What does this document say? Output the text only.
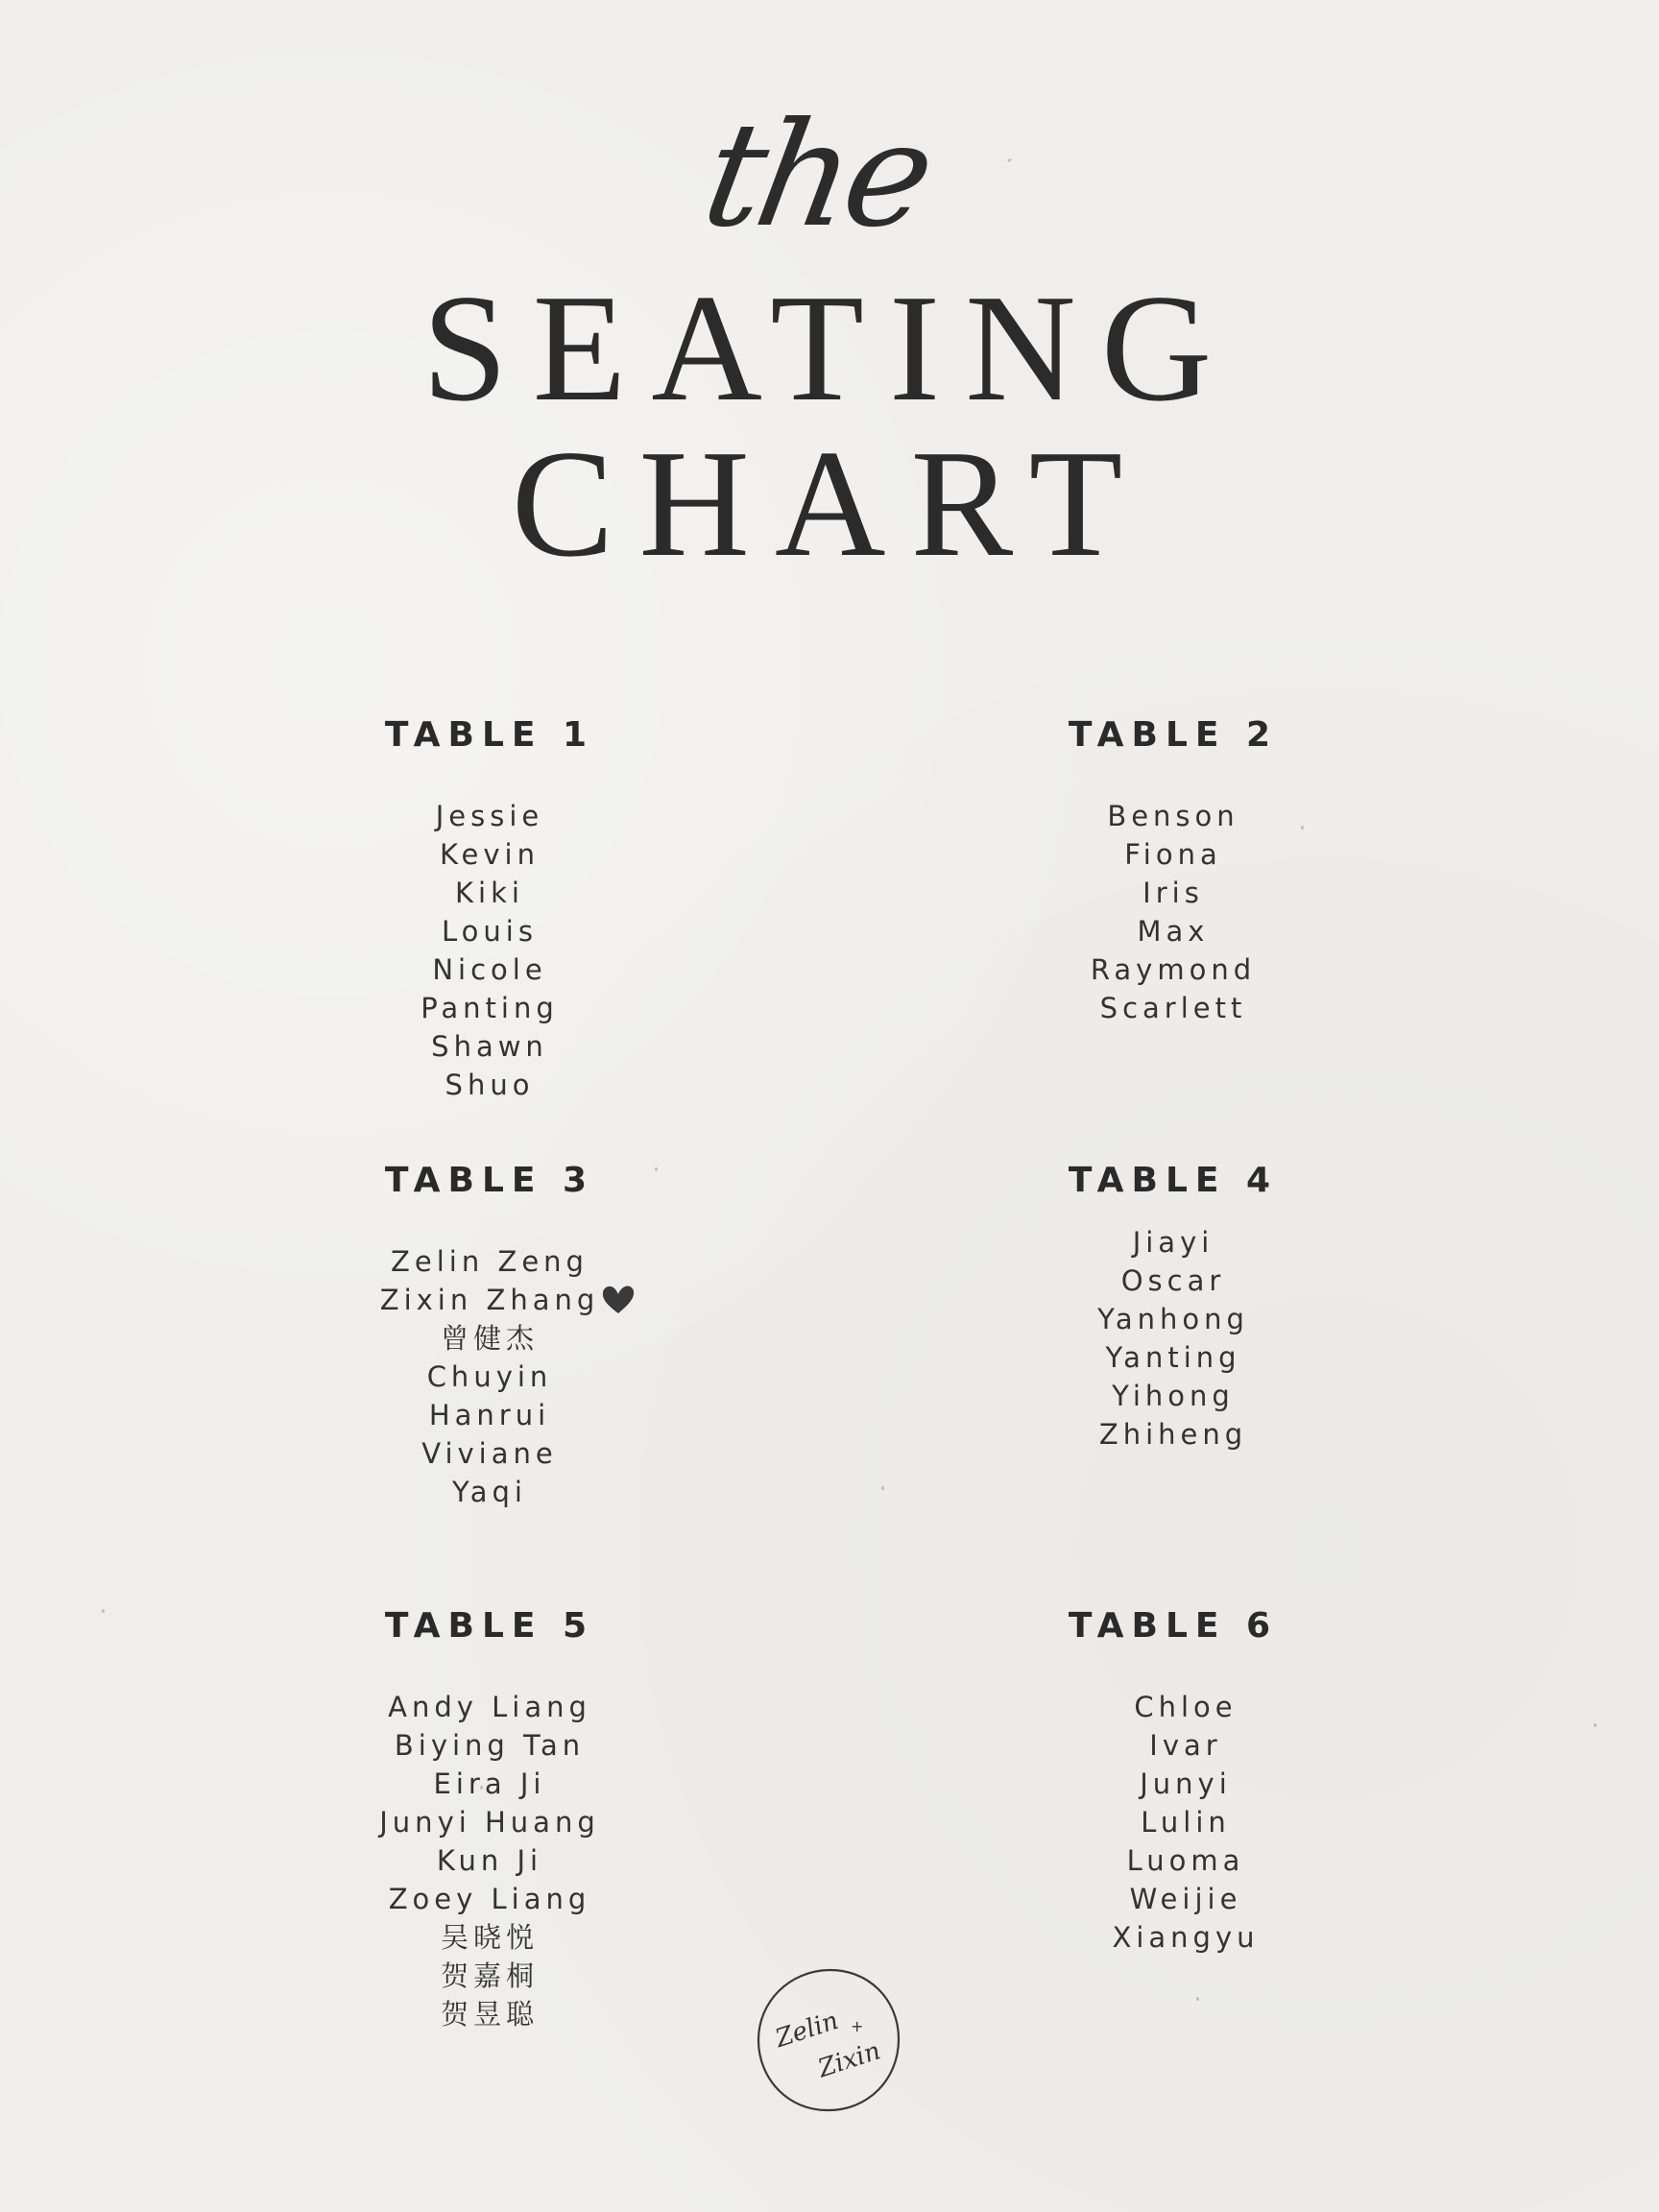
the
SEATING
CHART
TABLE 1
Jessie
Kevin
Kiki
Louis
Nicole
Panting
Shawn
Shuo
TABLE 2
Benson
Fiona
Iris
Max
Raymond
Scarlett
TABLE 3
Zelin Zeng
Zixin Zhang
曾健杰
Chuyin
Hanrui
Viviane
Yaqi
TABLE 4
Jiayi
Oscar
Yanhong
Yanting
Yihong
Zhiheng
TABLE 5
Andy Liang
Biying Tan
Eira Ji
Junyi Huang
Kun Ji
Zoey Liang
吴晓悦
贺嘉桐
贺昱聪
TABLE 6
Chloe
Ivar
Junyi
Lulin
Luoma
Weijie
Xiangyu
Zelin +
Zixin
